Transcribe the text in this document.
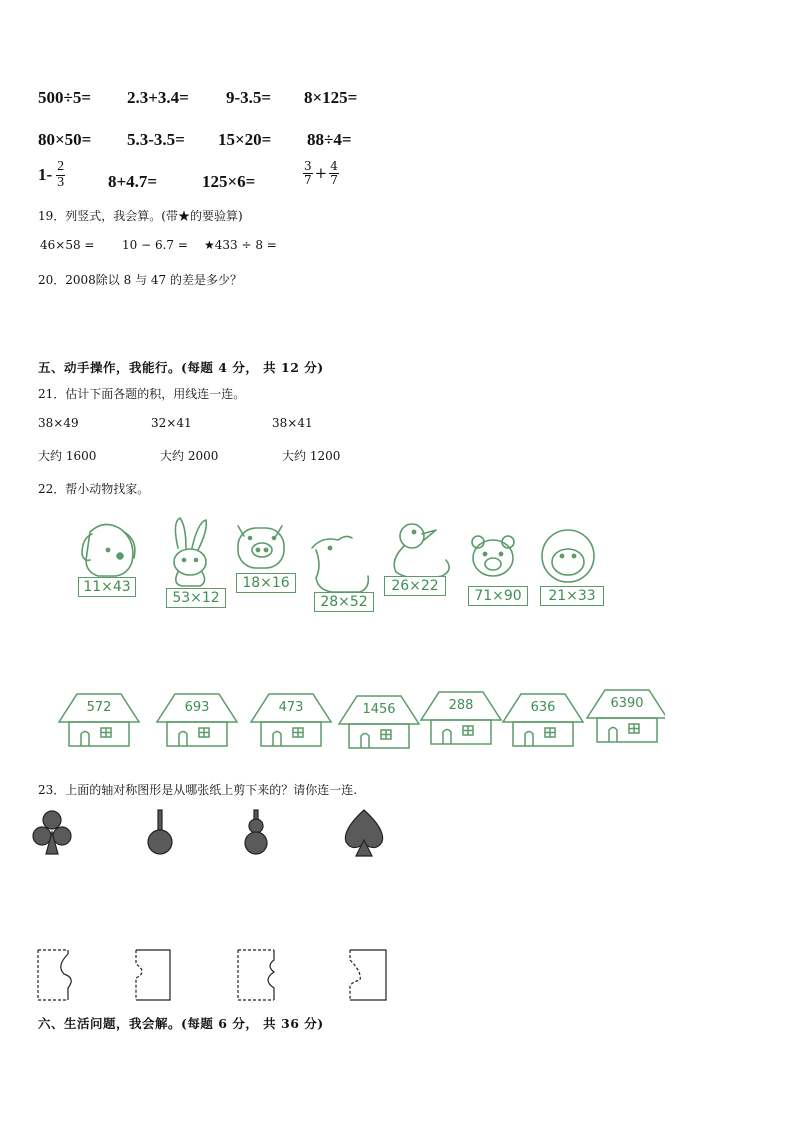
500÷5= 2.3+3.4= 9-3.5= 8×125=
80×50= 5.3-3.5= 15×20= 88÷4=
$1- \frac{2}{3}$	8+4.7=	125×6=	$\frac{3}{7} + \frac{4}{7}$
19．列竖式，我会算。(带★的要验算)
46×58 = 10 − 6.7 = ★433 ÷ 8 =
20．2008除以 8 与 47 的差是多少？
五、动手操作，我能行。(每题 4 分， 共 12 分)
21．估计下面各题的积，用线连一连。
38×49	32×41	38×41
大约 1600	大约 2000	大约 1200
22．帮小动物找家。
11×43
53×12
18×16
28×52
26×22
71×90	21×33
572	693	473	1456	288	636	6390
23．上面的轴对称图形是从哪张纸上剪下来的？请你连一连.
六、生活问题，我会解。(每题 6 分， 共 36 分)
